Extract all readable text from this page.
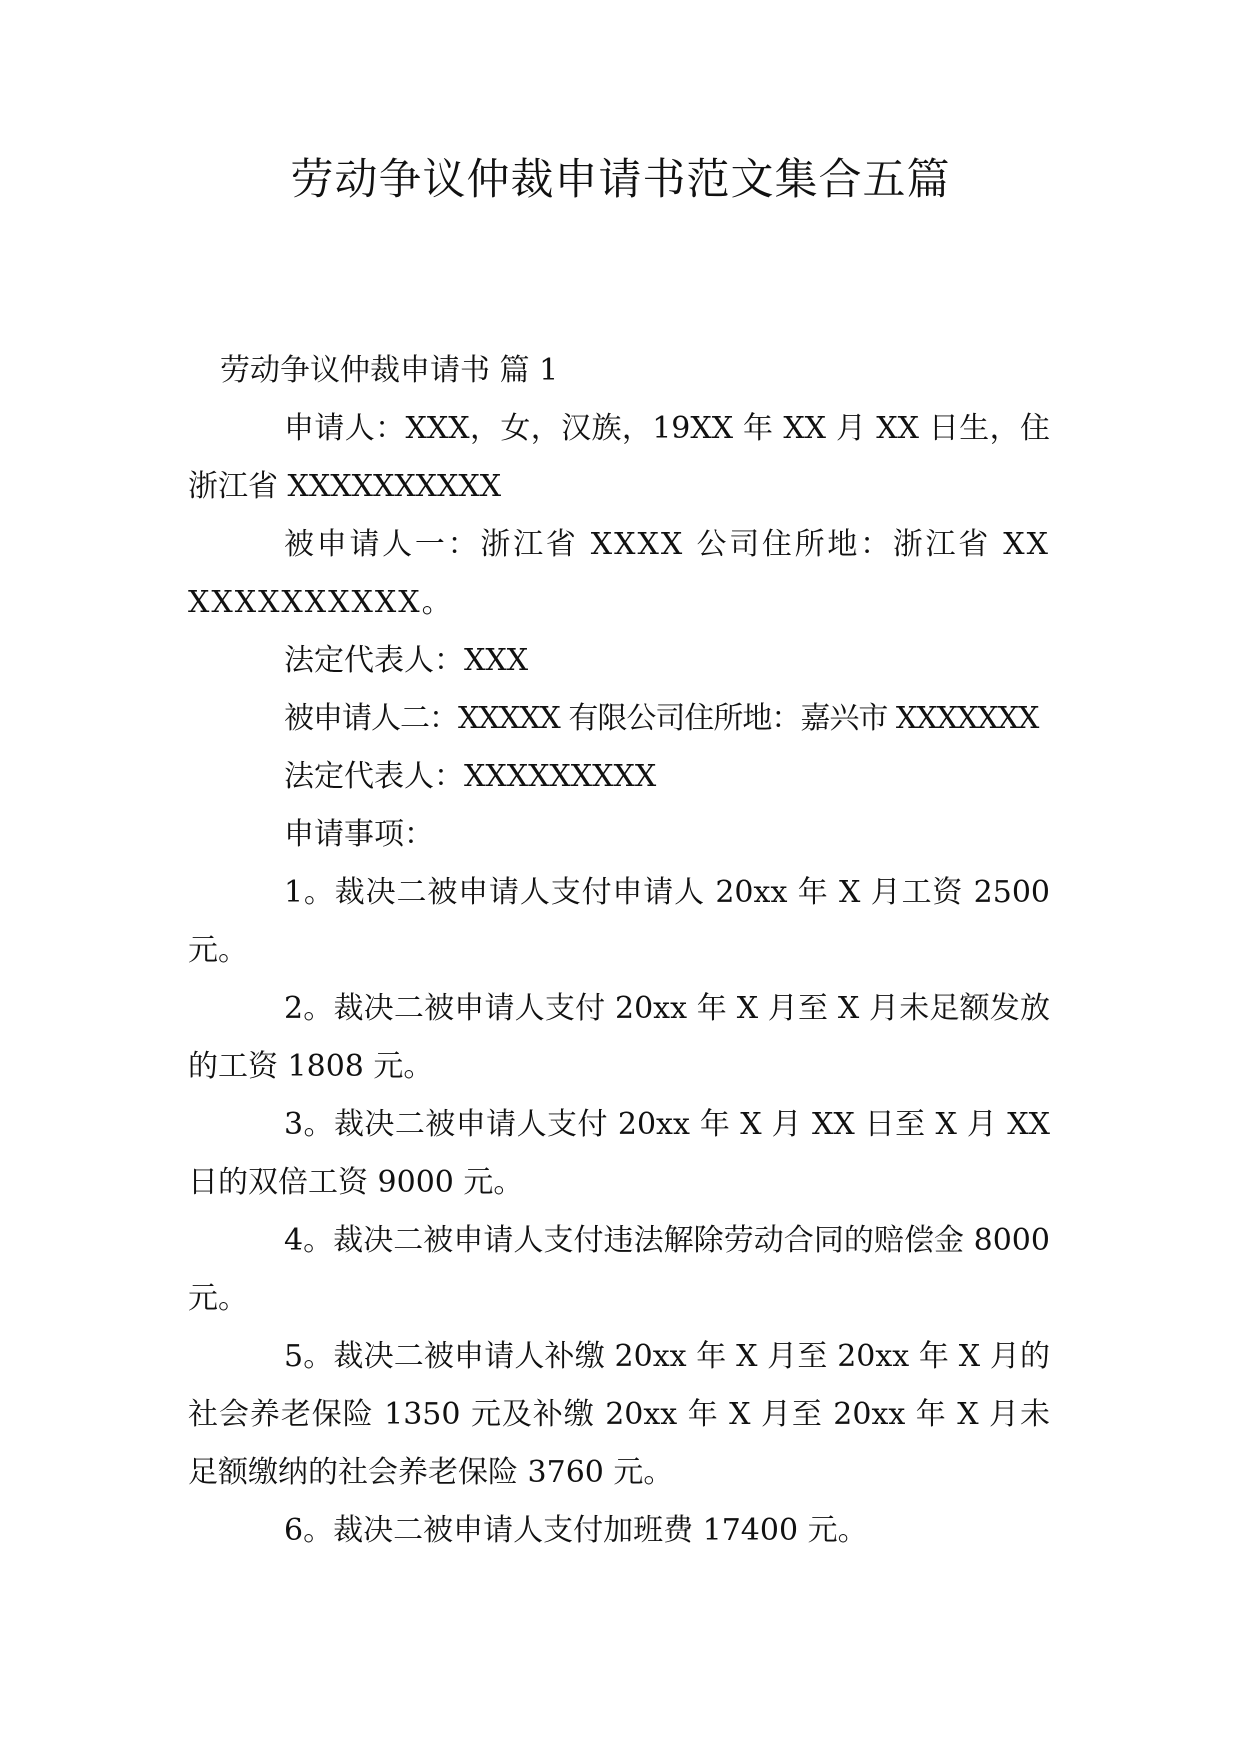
劳动争议仲裁申请书范文集合五篇

劳动争议仲裁申请书 篇 1

申请人：XXX，女，汉族，19XX 年 XX 月 XX 日生，住浙江省 XXXXXXXXXX

被申请人一：浙江省 XXXX 公司住所地：浙江省 XXXXXXXXXXXX。

法定代表人：XXX

被申请人二：XXXXX 有限公司住所地：嘉兴市 XXXXXXX

法定代表人：XXXXXXXXX

申请事项：

1。裁决二被申请人支付申请人 20xx 年 X 月工资 2500 元。

2。裁决二被申请人支付 20xx 年 X 月至 X 月未足额发放的工资 1808 元。

3。裁决二被申请人支付 20xx 年 X 月 XX 日至 X 月 XX 日的双倍工资 9000 元。

4。裁决二被申请人支付违法解除劳动合同的赔偿金 8000 元。

5。裁决二被申请人补缴 20xx 年 X 月至 20xx 年 X 月的社会养老保险 1350 元及补缴 20xx 年 X 月至 20xx 年 X 月未足额缴纳的社会养老保险 3760 元。

6。裁决二被申请人支付加班费 17400 元。
